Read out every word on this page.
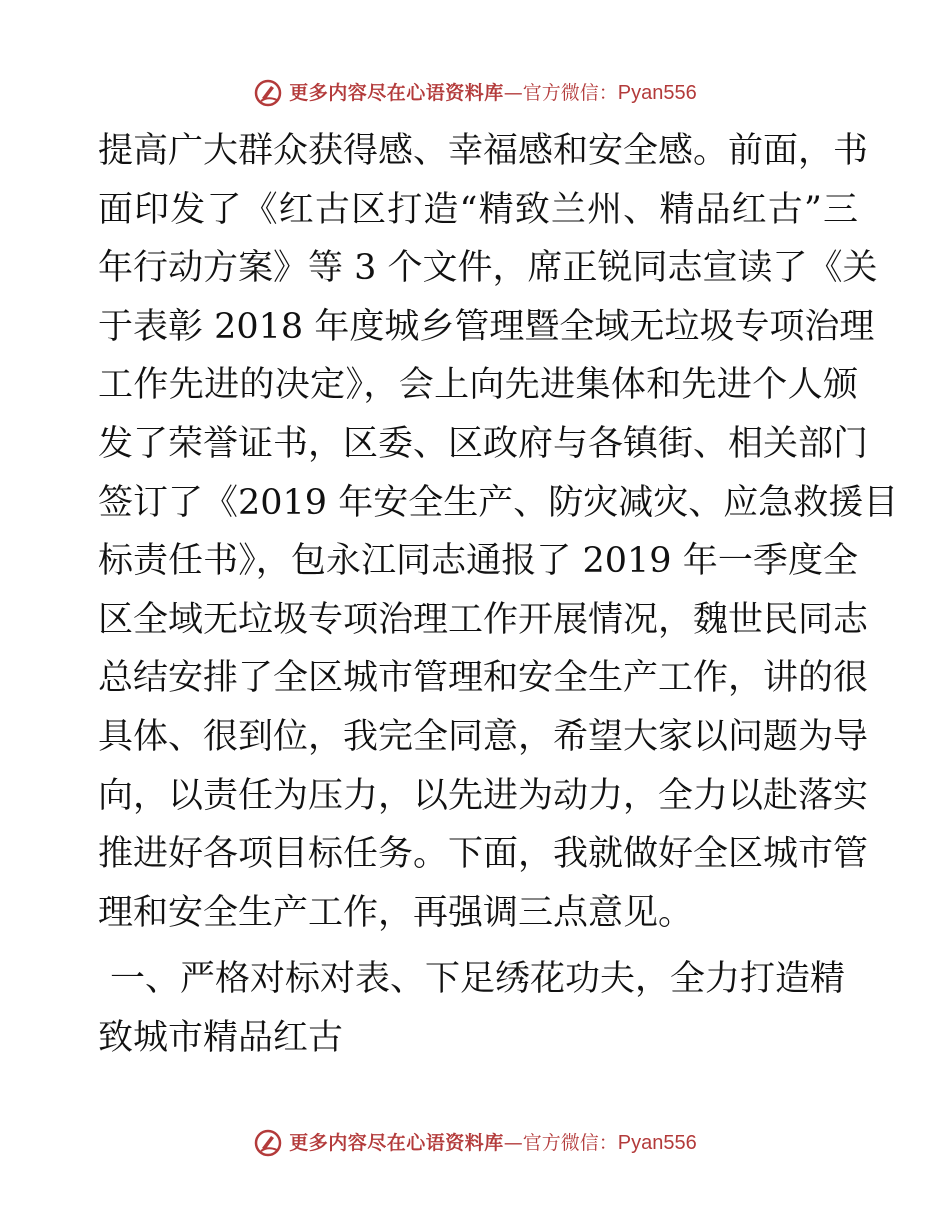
更多内容尽在心语资料库 — 官方微信： Pyan556
提高广大群众获得感、幸福感和安全感。前面，书
面印发了《红古区打造“精致兰州、精品红古”三
年行动方案》等 3 个文件，席正锐同志宣读了《关
于表彰 2018 年度城乡管理暨全域无垃圾专项治理
工作先进的决定》，会上向先进集体和先进个人颁
发了荣誉证书，区委、区政府与各镇街、相关部门
签订了《2019 年安全生产、防灾减灾、应急救援目
标责任书》，包永江同志通报了 2019 年一季度全
区全域无垃圾专项治理工作开展情况，魏世民同志
总结安排了全区城市管理和安全生产工作，讲的很
具体、很到位，我完全同意，希望大家以问题为导
向，以责任为压力，以先进为动力，全力以赴落实
推进好各项目标任务。下面，我就做好全区城市管
理和安全生产工作，再强调三点意见。
一、严格对标对表、下足绣花功夫，全力打造精
致城市精品红古
更多内容尽在心语资料库 — 官方微信： Pyan556
